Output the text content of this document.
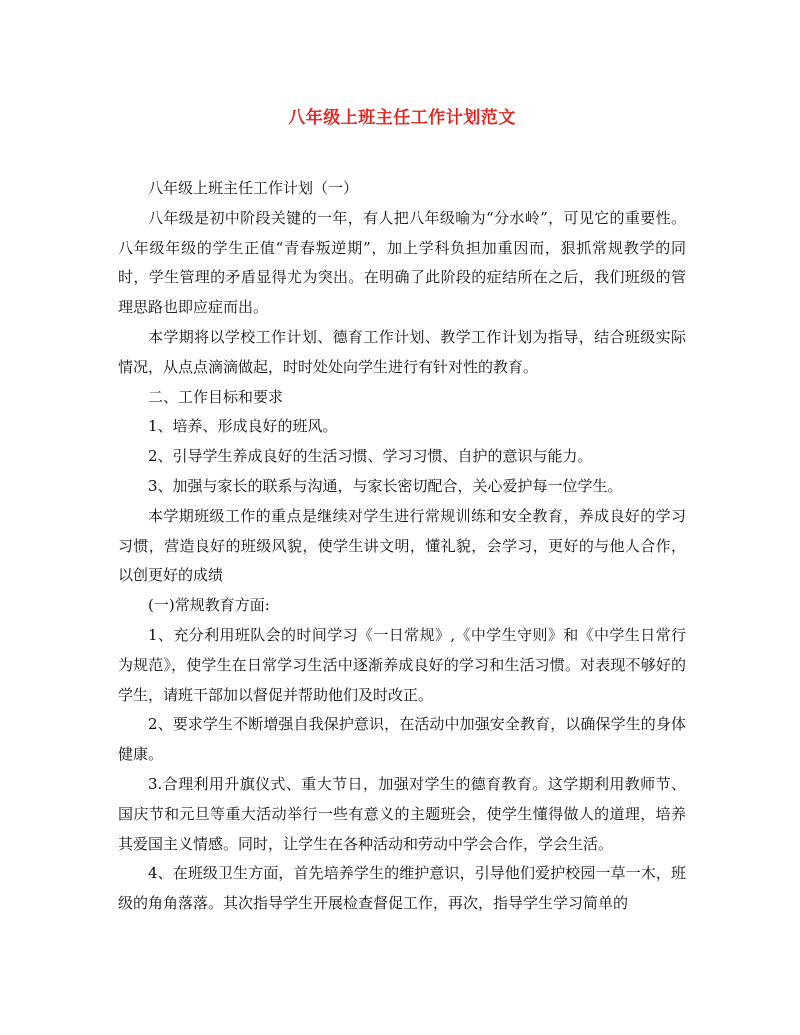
八年级上班主任工作计划范文

八年级上班主任工作计划（一）

八年级是初中阶段关键的一年，有人把八年级喻为“分水岭”，可见它的重要性。八年级年级的学生正值“青春叛逆期”，加上学科负担加重因而，狠抓常规教学的同时，学生管理的矛盾显得尤为突出。在明确了此阶段的症结所在之后，我们班级的管理思路也即应症而出。

本学期将以学校工作计划、德育工作计划、教学工作计划为指导，结合班级实际情况，从点点滴滴做起，时时处处向学生进行有针对性的教育。

二、工作目标和要求

1、培养、形成良好的班风。

2、引导学生养成良好的生活习惯、学习习惯、自护的意识与能力。

3、加强与家长的联系与沟通，与家长密切配合，关心爱护每一位学生。

本学期班级工作的重点是继续对学生进行常规训练和安全教育，养成良好的学习习惯，营造良好的班级风貌，使学生讲文明，懂礼貌，会学习，更好的与他人合作，以创更好的成绩

(一)常规教育方面:

1、充分利用班队会的时间学习《一日常规》,《中学生守则》和《中学生日常行为规范》，使学生在日常学习生活中逐渐养成良好的学习和生活习惯。对表现不够好的学生，请班干部加以督促并帮助他们及时改正。

2、要求学生不断增强自我保护意识，在活动中加强安全教育，以确保学生的身体健康。

3.合理利用升旗仪式、重大节日，加强对学生的德育教育。这学期利用教师节、国庆节和元旦等重大活动举行一些有意义的主题班会，使学生懂得做人的道理，培养其爱国主义情感。同时，让学生在各种活动和劳动中学会合作，学会生活。

4、在班级卫生方面，首先培养学生的维护意识，引导他们爱护校园一草一木，班级的角角落落。其次指导学生开展检查督促工作，再次，指导学生学习简单的
